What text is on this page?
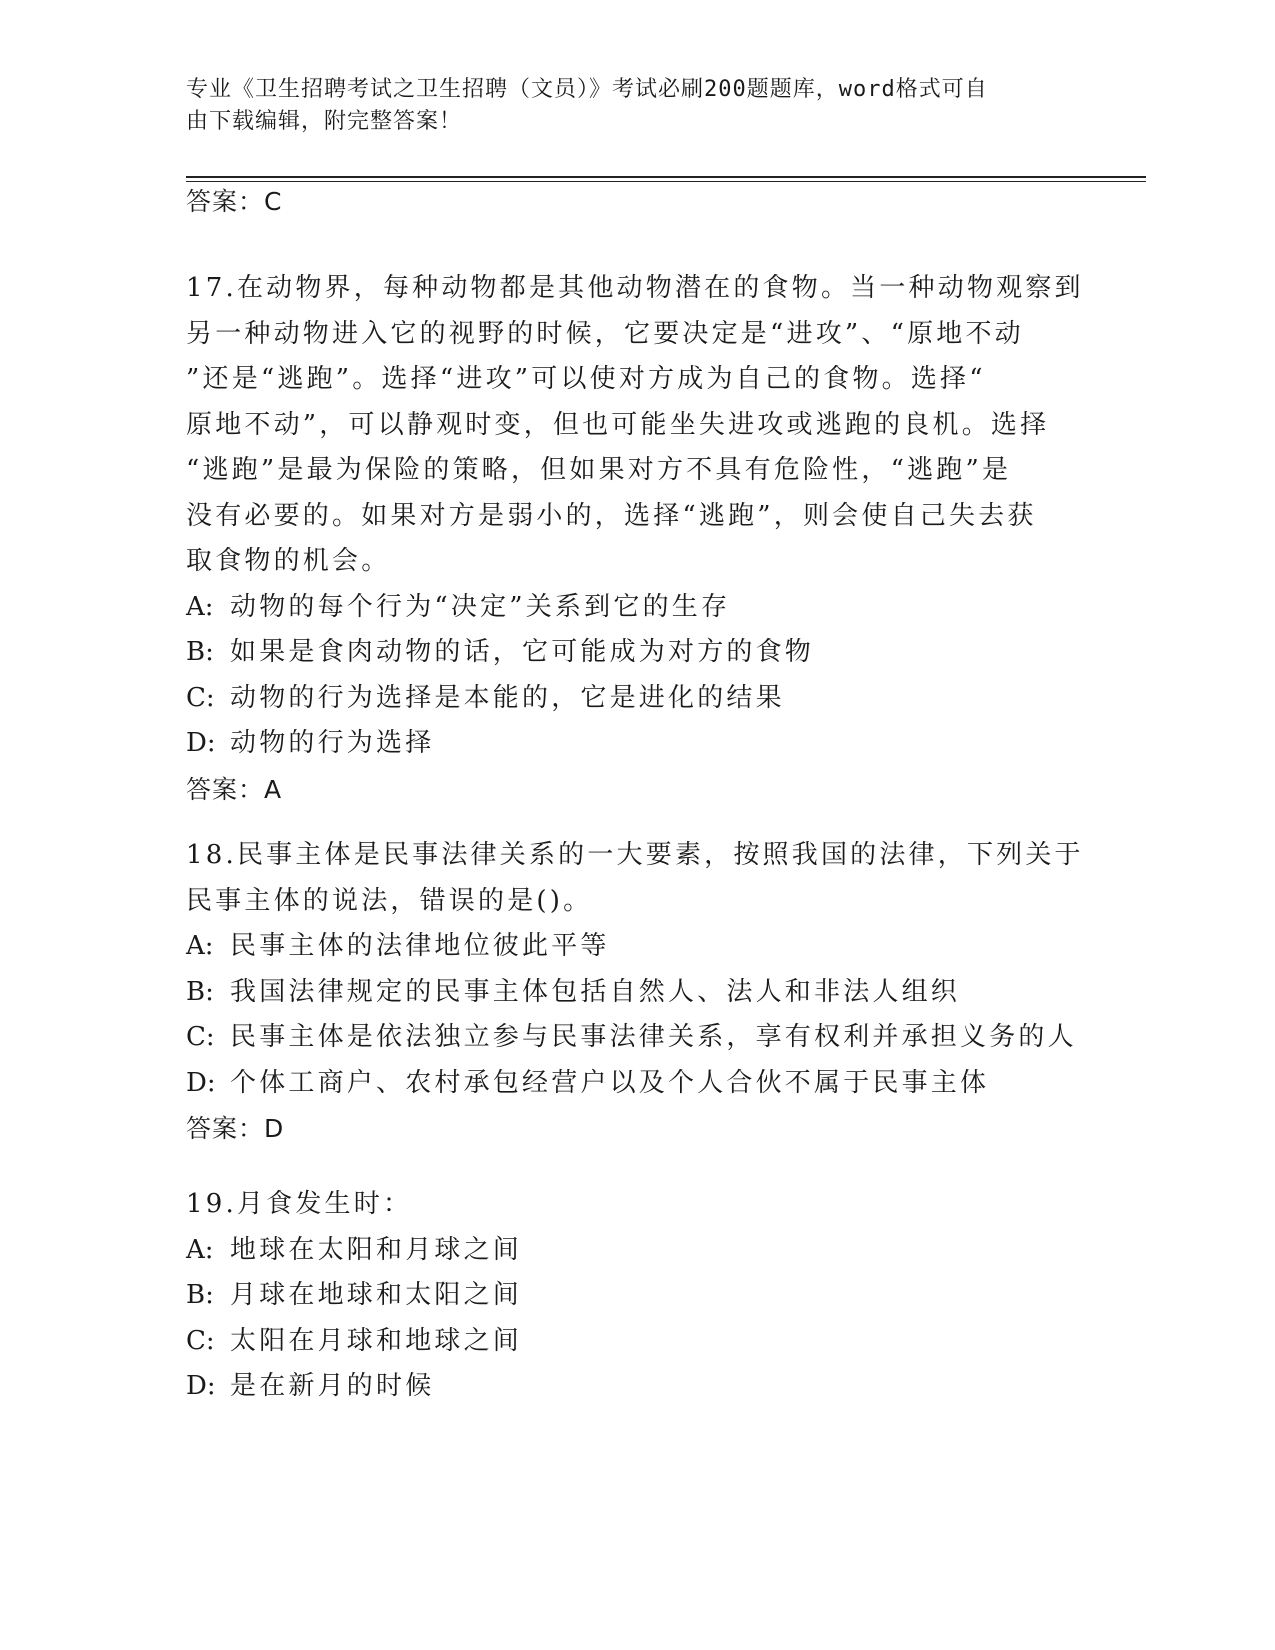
专业《卫生招聘考试之卫生招聘（文员）》考试必刷200题题库，word格式可自
由下载编辑，附完整答案！
答案：C
17.在动物界，每种动物都是其他动物潜在的食物。当一种动物观察到
另一种动物进入它的视野的时候，它要决定是“进攻”、“原地不动
”还是“逃跑”。选择“进攻”可以使对方成为自己的食物。选择“
原地不动”，可以静观时变，但也可能坐失进攻或逃跑的良机。选择
“逃跑”是最为保险的策略，但如果对方不具有危险性，“逃跑”是
没有必要的。如果对方是弱小的，选择“逃跑”，则会使自己失去获
取食物的机会。
A: 动物的每个行为“决定”关系到它的生存
B: 如果是食肉动物的话，它可能成为对方的食物
C: 动物的行为选择是本能的，它是进化的结果
D: 动物的行为选择
答案：A
18.民事主体是民事法律关系的一大要素，按照我国的法律，下列关于
民事主体的说法，错误的是()。
A: 民事主体的法律地位彼此平等
B: 我国法律规定的民事主体包括自然人、法人和非法人组织
C: 民事主体是依法独立参与民事法律关系，享有权利并承担义务的人
D: 个体工商户、农村承包经营户以及个人合伙不属于民事主体
答案：D
19.月食发生时：
A: 地球在太阳和月球之间
B: 月球在地球和太阳之间
C: 太阳在月球和地球之间
D: 是在新月的时候
